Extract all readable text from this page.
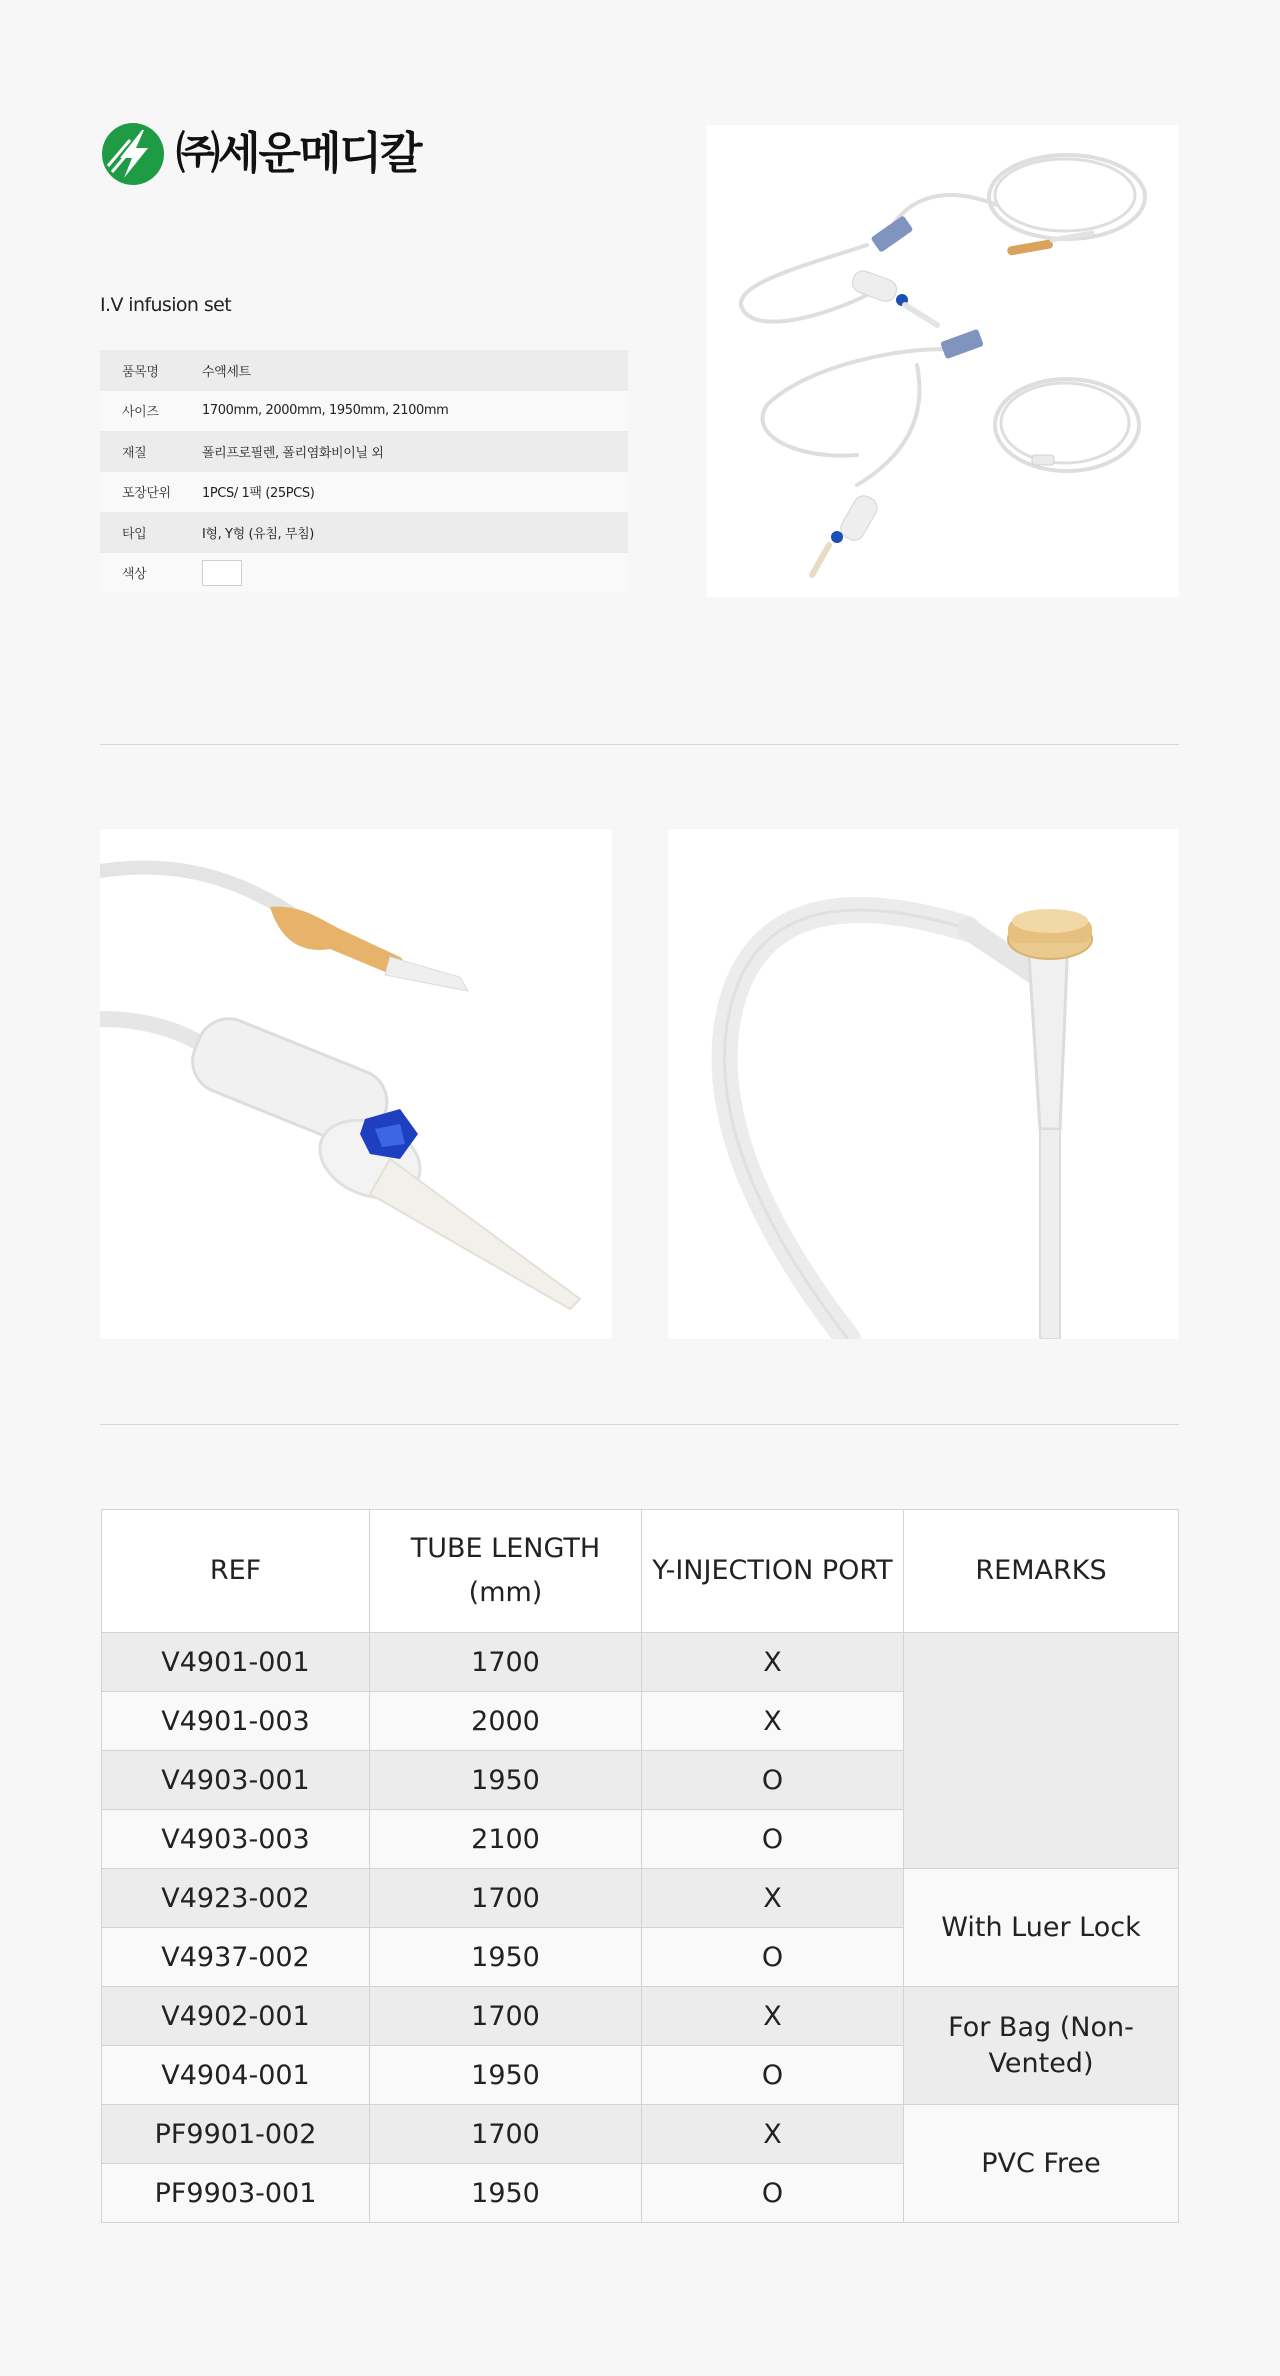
㈜세운메디칼
I.V infusion set
품목명	수액세트
사이즈	1700mm, 2000mm, 1950mm, 2100mm
재질	폴리프로필렌, 폴리염화비이닐 외
포장단위	1PCS/ 1팩 (25PCS)
타입	I형, Y형 (유침, 무침)
색상
REF	TUBE LENGTH (mm)	Y-INJECTION PORT	REMARKS
V4901-001	1700	X	
V4901-003	2000	X	
V4903-001	1950	O	
V4903-003	2100	O	
V4923-002	1700	X	With Luer Lock
V4937-002	1950	O	
V4902-001	1700	X	For Bag (Non-Vented)
V4904-001	1950	O	
PF9901-002	1700	X	PVC Free
PF9903-001	1950	O	
